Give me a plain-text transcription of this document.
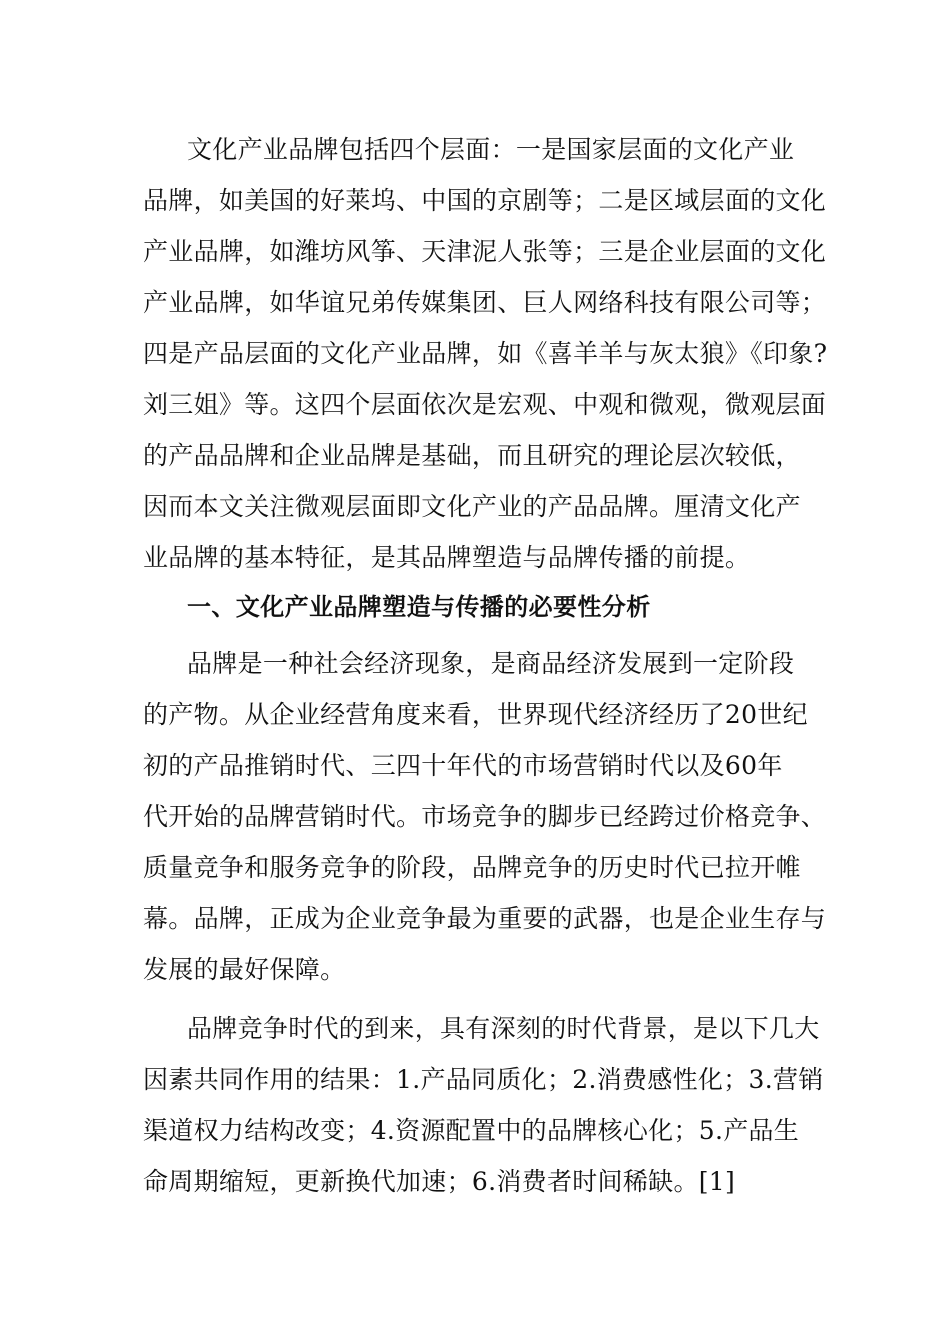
文化产业品牌包括四个层面：一是国家层面的文化产业
品牌，如美国的好莱坞、中国的京剧等；二是区域层面的文化
产业品牌，如潍坊风筝、天津泥人张等；三是企业层面的文化
产业品牌，如华谊兄弟传媒集团、巨人网络科技有限公司等；
四是产品层面的文化产业品牌，如《喜羊羊与灰太狼》《印象?
刘三姐》等。这四个层面依次是宏观、中观和微观，微观层面
的产品品牌和企业品牌是基础，而且研究的理论层次较低，
因而本文关注微观层面即文化产业的产品品牌。厘清文化产
业品牌的基本特征，是其品牌塑造与品牌传播的前提。
一、文化产业品牌塑造与传播的必要性分析
品牌是一种社会经济现象，是商品经济发展到一定阶段
的产物。从企业经营角度来看，世界现代经济经历了20世纪
初的产品推销时代、三四十年代的市场营销时代以及60年
代开始的品牌营销时代。市场竞争的脚步已经跨过价格竞争、
质量竞争和服务竞争的阶段，品牌竞争的历史时代已拉开帷
幕。品牌，正成为企业竞争最为重要的武器，也是企业生存与
发展的最好保障。
品牌竞争时代的到来，具有深刻的时代背景，是以下几大
因素共同作用的结果：1.产品同质化；2.消费感性化；3.营销
渠道权力结构改变；4.资源配置中的品牌核心化；5.产品生
命周期缩短，更新换代加速；6.消费者时间稀缺。[1]
